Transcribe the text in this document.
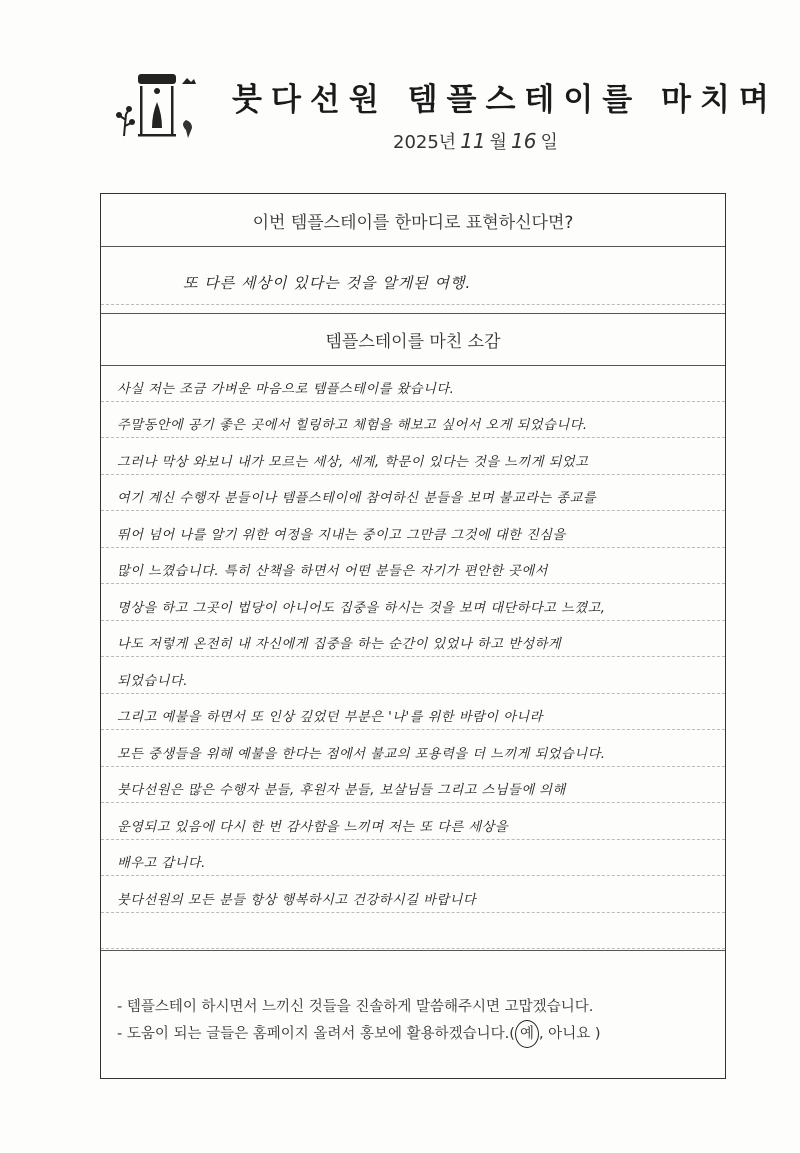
붓다선원 템플스테이를 마치며
2025년 11 월 16 일
이번 템플스테이를 한마디로 표현하신다면?
또 다른 세상이 있다는 것을 알게된 여행.
템플스테이를 마친 소감
사실 저는 조금 가벼운 마음으로 템플스테이를 왔습니다.
주말동안에 공기 좋은 곳에서 힐링하고 체험을 해보고 싶어서 오게 되었습니다.
그러나 막상 와보니 내가 모르는 세상, 세계, 학문이 있다는 것을 느끼게 되었고
여기 계신 수행자 분들이나 템플스테이에 참여하신 분들을 보며 불교라는 종교를
뛰어 넘어 나를 알기 위한 여정을 지내는 중이고 그만큼 그것에 대한 진심을
많이 느꼈습니다. 특히 산책을 하면서 어떤 분들은 자기가 편안한 곳에서
명상을 하고 그곳이 법당이 아니어도 집중을 하시는 것을 보며 대단하다고 느꼈고,
나도 저렇게 온전히 내 자신에게 집중을 하는 순간이 있었나 하고 반성하게
되었습니다.
그리고 예불을 하면서 또 인상 깊었던 부분은 '나'를 위한 바람이 아니라
모든 중생들을 위해 예불을 한다는 점에서 불교의 포용력을 더 느끼게 되었습니다.
붓다선원은 많은 수행자 분들, 후원자 분들, 보살님들 그리고 스님들에 의해
운영되고 있음에 다시 한 번 감사함을 느끼며 저는 또 다른 세상을
배우고 갑니다.
붓다선원의 모든 분들 항상 행복하시고 건강하시길 바랍니다
- 템플스테이 하시면서 느끼신 것들을 진솔하게 말씀해주시면 고맙겠습니다.
- 도움이 되는 글들은 홈페이지 올려서 홍보에 활용하겠습니다.( 예 , 아니요 )
